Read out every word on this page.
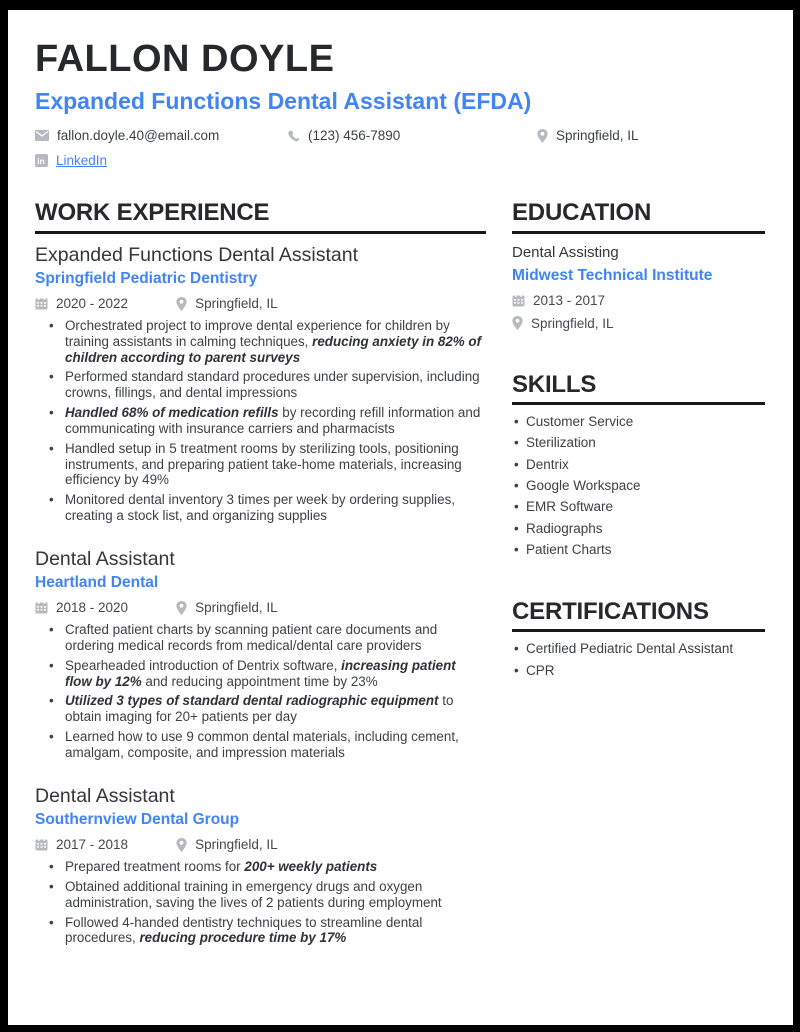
FALLON DOYLE
Expanded Functions Dental Assistant (EFDA)
fallon.doyle.40@email.com	(123) 456-7890	Springfield, IL
in LinkedIn
WORK EXPERIENCE
Expanded Functions Dental Assistant
Springfield Pediatric Dentistry
2020 - 2022	Springfield, IL
• Orchestrated project to improve dental experience for children by training assistants in calming techniques, reducing anxiety in 82% of children according to parent surveys
• Performed standard standard procedures under supervision, including crowns, fillings, and dental impressions
• Handled 68% of medication refills by recording refill information and communicating with insurance carriers and pharmacists
• Handled setup in 5 treatment rooms by sterilizing tools, positioning instruments, and preparing patient take-home materials, increasing efficiency by 49%
• Monitored dental inventory 3 times per week by ordering supplies, creating a stock list, and organizing supplies
Dental Assistant
Heartland Dental
2018 - 2020	Springfield, IL
• Crafted patient charts by scanning patient care documents and ordering medical records from medical/dental care providers
• Spearheaded introduction of Dentrix software, increasing patient flow by 12% and reducing appointment time by 23%
• Utilized 3 types of standard dental radiographic equipment to obtain imaging for 20+ patients per day
• Learned how to use 9 common dental materials, including cement, amalgam, composite, and impression materials
Dental Assistant
Southernview Dental Group
2017 - 2018	Springfield, IL
• Prepared treatment rooms for 200+ weekly patients
• Obtained additional training in emergency drugs and oxygen administration, saving the lives of 2 patients during employment
• Followed 4-handed dentistry techniques to streamline dental procedures, reducing procedure time by 17%
EDUCATION
Dental Assisting
Midwest Technical Institute
2013 - 2017
Springfield, IL
SKILLS
• Customer Service
• Sterilization
• Dentrix
• Google Workspace
• EMR Software
• Radiographs
• Patient Charts
CERTIFICATIONS
• Certified Pediatric Dental Assistant
• CPR
